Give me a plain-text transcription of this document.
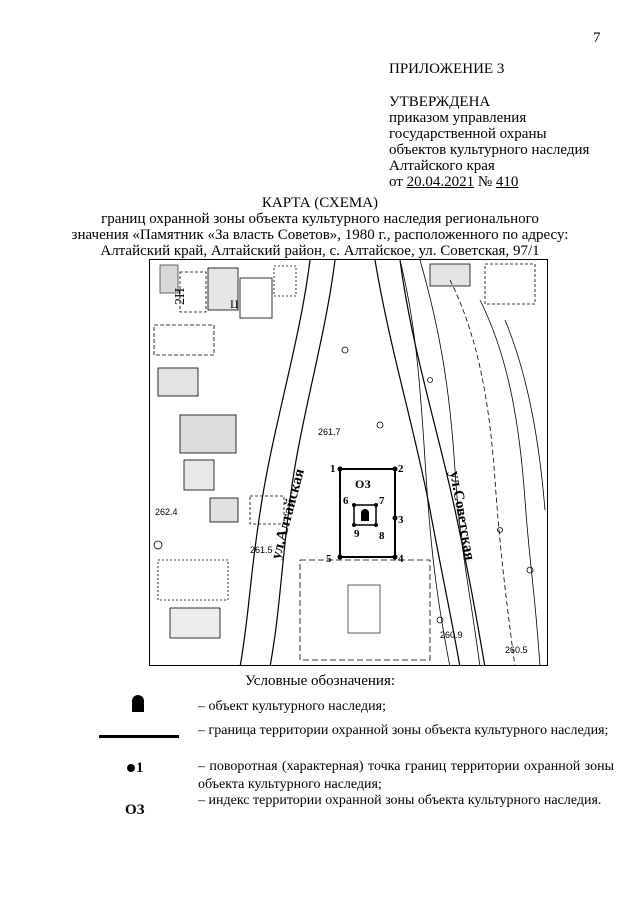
7
ПРИЛОЖЕНИЕ 3
УТВЕРЖДЕНА
приказом управления
государственной охраны
объектов культурного наследия
Алтайского края
от 20.04.2021 № 410
КАРТА (СХЕМА)
границ охранной зоны объекта культурного наследия регионального
значения «Памятник «За власть Советов», 1980 г., расположенного по адресу:
Алтайский край, Алтайский район, с. Алтайское, ул. Советская, 97/1
2Н	Ц
261.7
262.4
261.5
260.9
260.5
ул.Алтайская	ул.Советская
1	2
3
4
5
6	7
8
9
ОЗ
Условные обозначения:
1
ОЗ
– объект культурного наследия;
– граница территории охранной зоны объекта культурного наследия;
– поворотная (характерная) точка границ территории охранной зоны объекта культурного наследия;
– индекс территории охранной зоны объекта культурного наследия.
